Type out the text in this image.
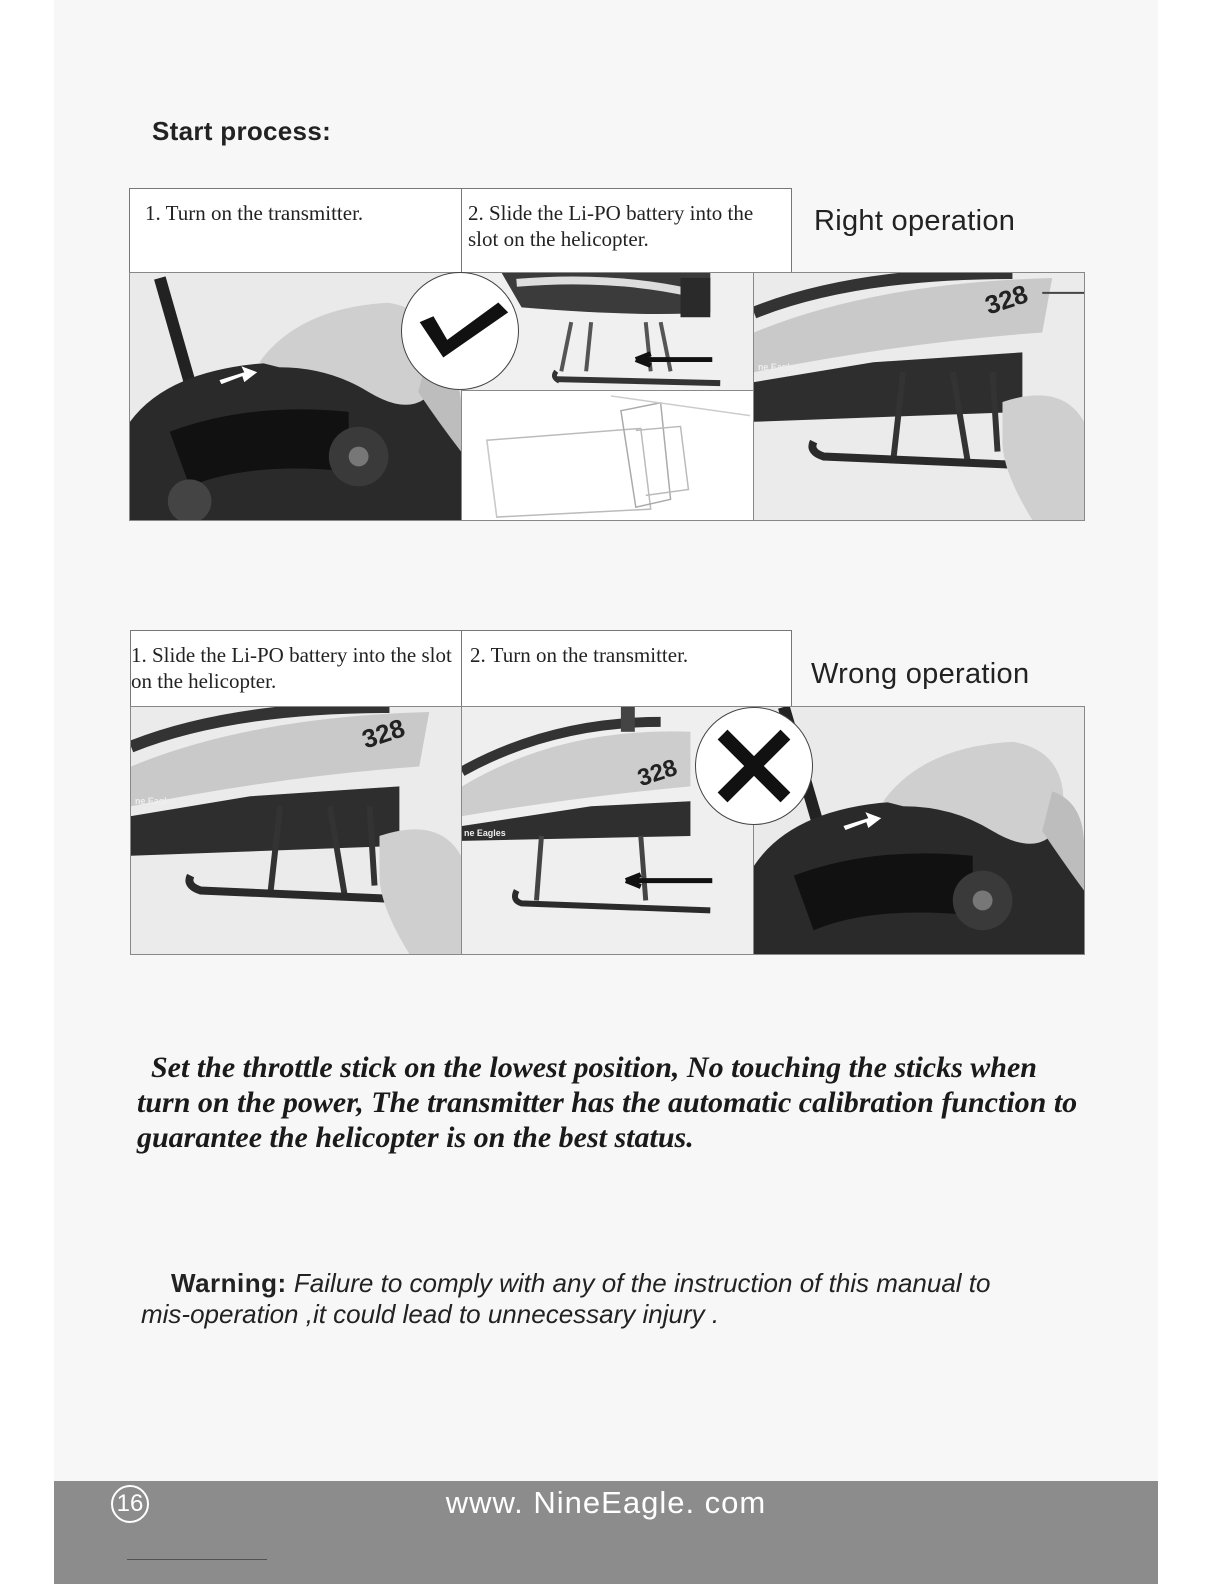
Start process:
1. Turn on the transmitter.	2. Slide the Li-PO battery into the slot on the helicopter.
Right operation
328
ne Eagles
1. Slide the Li-PO battery into the slot on the helicopter.
2. Turn on the transmitter.
Wrong operation
328
ne Eagles
328
ne Eagles
Set the throttle stick on the lowest position, No touching the sticks when turn on the power, The transmitter has the automatic calibration function to guarantee the helicopter is on the best status.
Warning: Failure to comply with any of the instruction of this manual to mis-operation ,it could lead to unnecessary injury .
16	www. NineEagle. com
